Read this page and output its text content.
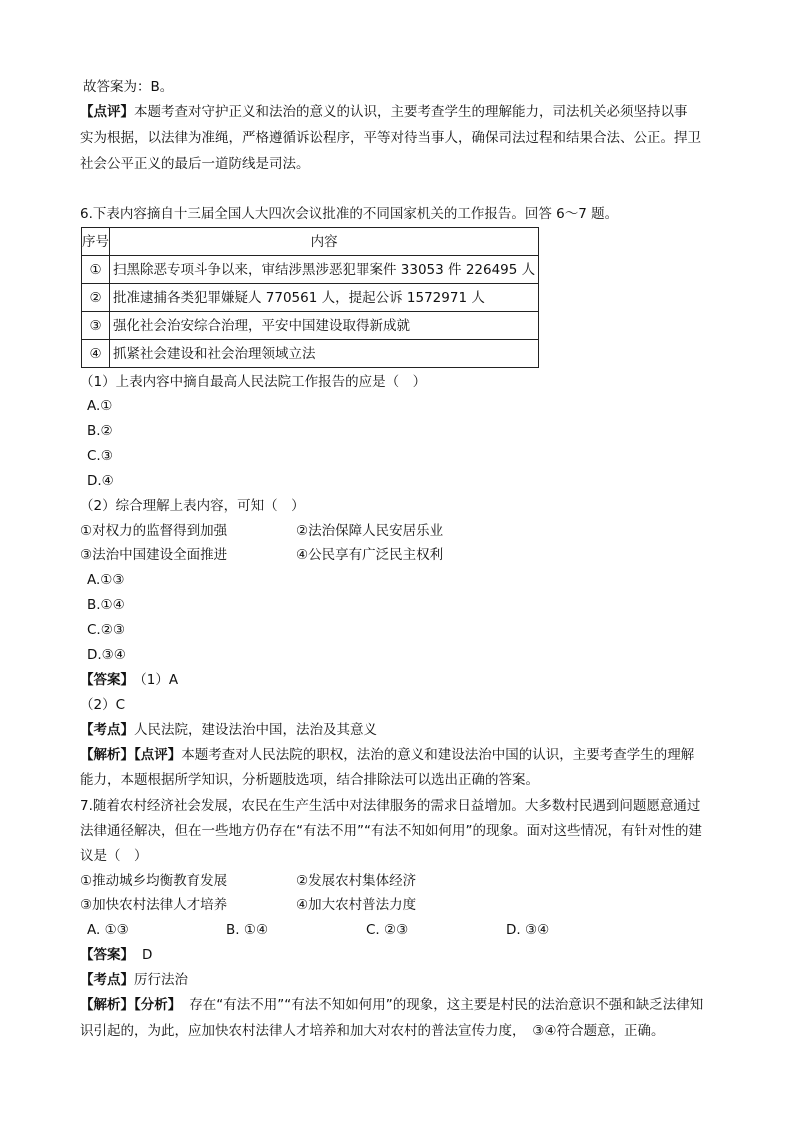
故答案为：B。
【点评】本题考查对守护正义和法治的意义的认识，主要考查学生的理解能力，司法机关必须坚持以事
实为根据，以法律为准绳，严格遵循诉讼程序，平等对待当事人，确保司法过程和结果合法、公正。捍卫
社会公平正义的最后一道防线是司法。
6.下表内容摘自十三届全国人大四次会议批准的不同国家机关的工作报告。回答 6～7 题。
序号	内容
①	扫黑除恶专项斗争以来，审结涉黑涉恶犯罪案件 33053 件 226495 人
②	批准逮捕各类犯罪嫌疑人 770561 人，提起公诉 1572971 人
③	强化社会治安综合治理，平安中国建设取得新成就
④	抓紧社会建设和社会治理领域立法
（1）上表内容中摘自最高人民法院工作报告的应是（　）
A.①
B.②
C.③
D.④
（2）综合理解上表内容，可知（　）
①对权力的监督得到加强	②法治保障人民安居乐业
③法治中国建设全面推进	④公民享有广泛民主权利
A.①③
B.①④
C.②③
D.③④
【答案】 （1）A
（2）C
【考点】人民法院，建设法治中国，法治及其意义
【解析】【点评】本题考查对人民法院的职权，法治的意义和建设法治中国的认识，主要考查学生的理解
能力，本题根据所学知识，分析题肢选项，结合排除法可以选出正确的答案。
7.随着农村经济社会发展，农民在生产生活中对法律服务的需求日益增加。大多数村民遇到问题愿意通过
法律通径解决，但在一些地方仍存在“有法不用”“有法不知如何用”的现象。面对这些情况，有针对性的建
议是（　）
①推动城乡均衡教育发展	②发展农村集体经济
③加快农村法律人才培养	④加大农村普法力度
A. ①③	B. ①④	C. ②③	D. ③④
【答案】 D
【考点】厉行法治
【解析】【分析】 存在“有法不用”“有法不知如何用”的现象，这主要是村民的法治意识不强和缺乏法律知
识引起的，为此，应加快农村法律人才培养和加大对农村的普法宣传力度，　③④符合题意，正确。
